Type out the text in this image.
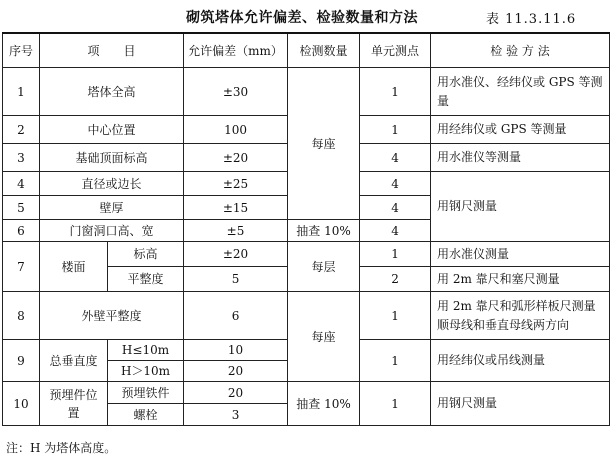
砌筑塔体允许偏差、检验数量和方法	表 11.3.11.6
序号	项　　目		允许偏差（mm）	检测数量	单元测点	检 验 方 法
1	塔体全高		±30	每座	1	用水准仪、经纬仪或 GPS 等测量
2	中心位置		100		1	用经纬仪或 GPS 等测量
3	基础顶面标高		±20		4	用水准仪等测量
4	直径或边长		±25		4	用钢尺测量
5	壁厚		±15		4	
6	门窗洞口高、宽		±5	抽查 10%	4	
7	楼面	标高	±20	每层	1	用水准仪测量
		平整度	5		2	用 2m 靠尺和塞尺测量
8	外壁平整度		6	每座	1	用 2m 靠尺和弧形样板尺测量顺母线和垂直母线两方向
9	总垂直度	H≤10m	10		1	用经纬仪或吊线测量
		H＞10m	20			
10	预埋件位置	预埋铁件	20	抽查 10%	1	用钢尺测量
		螺栓	3			
注：H 为塔体高度。
